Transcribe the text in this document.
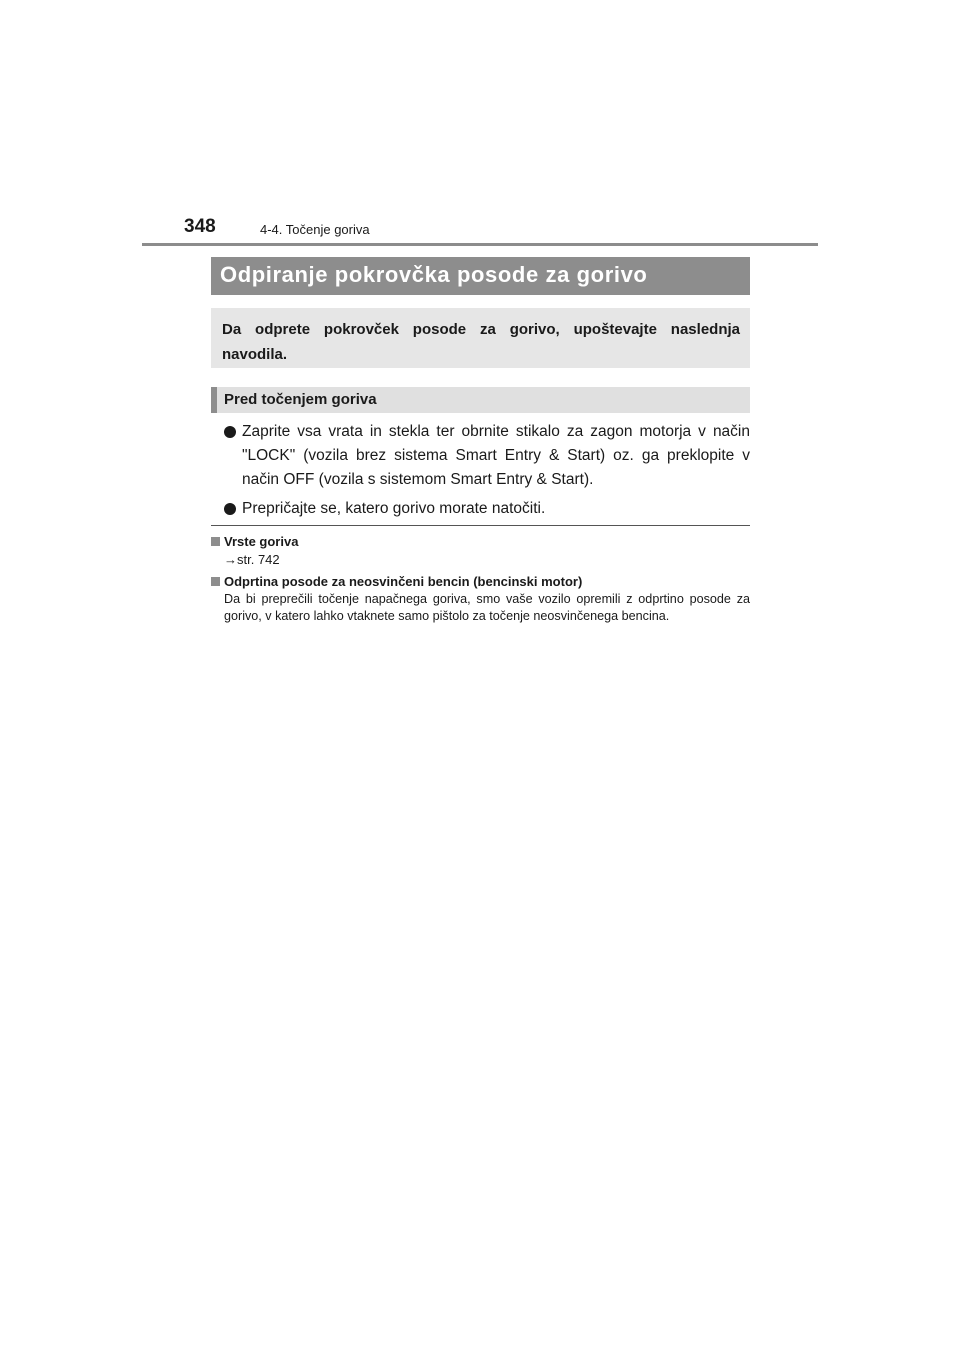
348	4-4. Točenje goriva
Odpiranje pokrovčka posode za gorivo

Da odprete pokrovček posode za gorivo, upoštevajte naslednja navodila.

Pred točenjem goriva
Zaprite vsa vrata in stekla ter obrnite stikalo za zagon motorja v način "LOCK" (vozila brez sistema Smart Entry & Start) oz. ga preklopite v način OFF (vozila s sistemom Smart Entry & Start).
Prepričajte se, katero gorivo morate natočiti.
Vrste goriva
→str. 742
Odprtina posode za neosvinčeni bencin (bencinski motor)
Da bi preprečili točenje napačnega goriva, smo vaše vozilo opremili z odprtino posode za gorivo, v katero lahko vtaknete samo pištolo za točenje neosvinčenega bencina.
